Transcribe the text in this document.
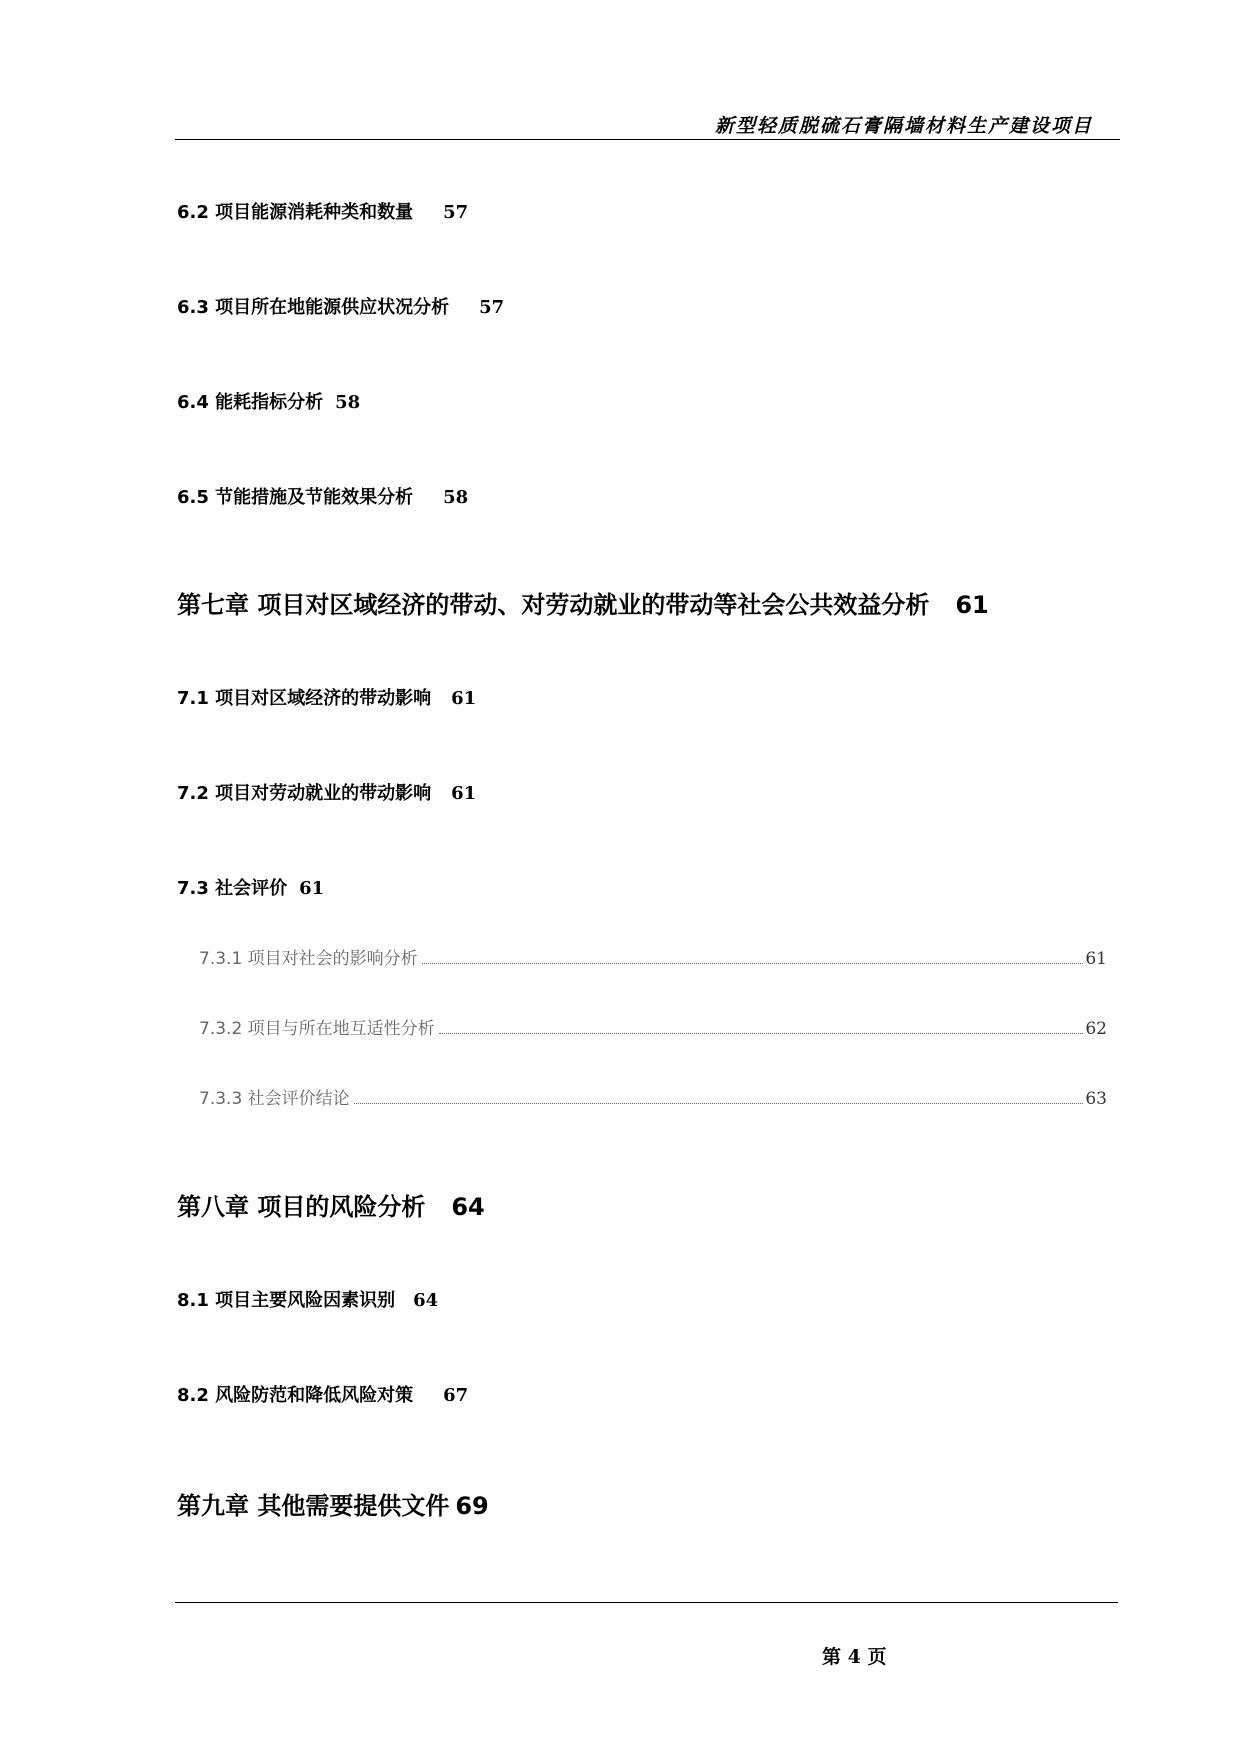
新型轻质脱硫石膏隔墙材料生产建设项目
6.2 项目能源消耗种类和数量 57
6.3 项目所在地能源供应状况分析 57
6.4 能耗指标分析 58
6.5 节能措施及节能效果分析 58
第七章 项目对区域经济的带动、对劳动就业的带动等社会公共效益分析 61
7.1 项目对区域经济的带动影响 61
7.2 项目对劳动就业的带动影响 61
7.3 社会评价 61
7.3.1 项目对社会的影响分析	61
7.3.2 项目与所在地互适性分析	62
7.3.3 社会评价结论	63
第八章 项目的风险分析 64
8.1 项目主要风险因素识别 64
8.2 风险防范和降低风险对策 67
第九章 其他需要提供文件 69
第 4 页
